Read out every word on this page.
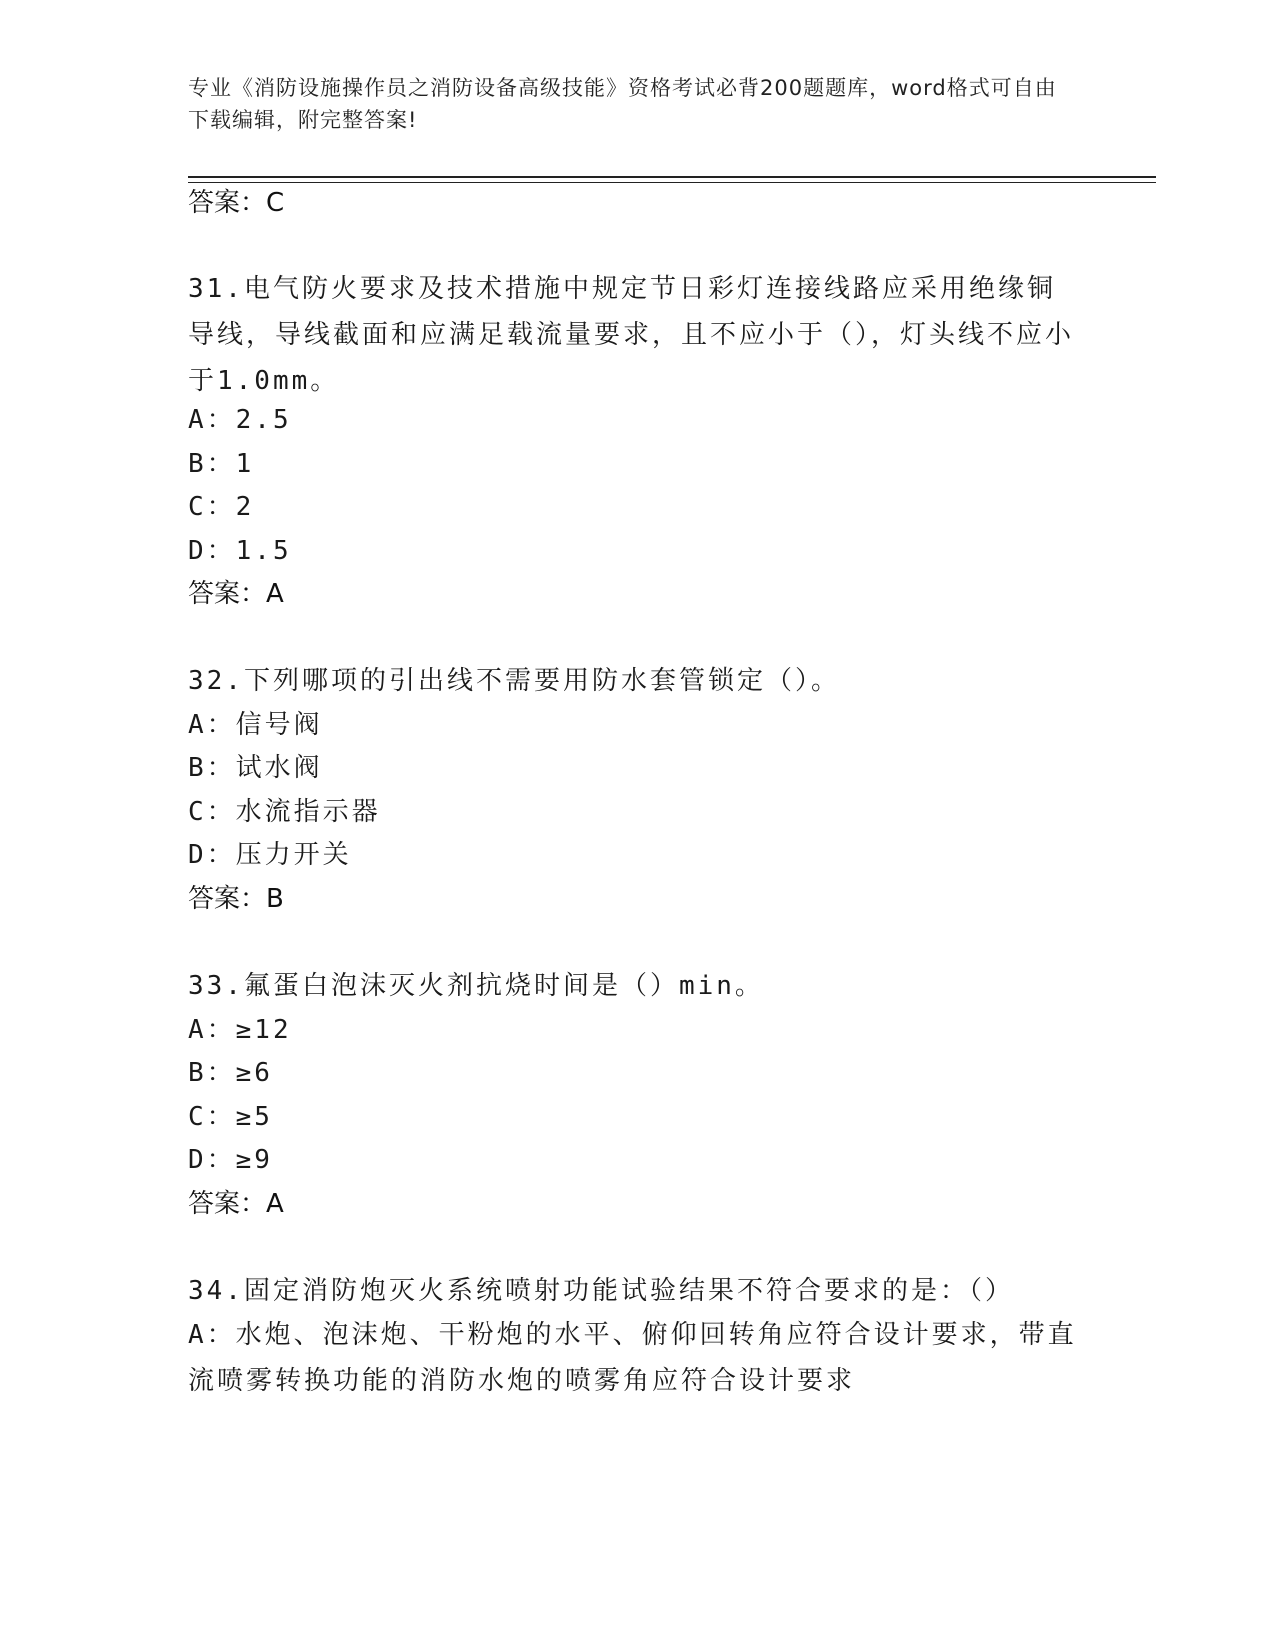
专业《消防设施操作员之消防设备高级技能》资格考试必背200题题库，word格式可自由下载编辑，附完整答案!
答案：C
31.电气防火要求及技术措施中规定节日彩灯连接线路应采用绝缘铜导线，导线截面和应满足载流量要求，且不应小于（），灯头线不应小于1.0mm。
A：2.5
B：1
C：2
D：1.5
答案：A
32.下列哪项的引出线不需要用防水套管锁定（）。
A：信号阀
B：试水阀
C：水流指示器
D：压力开关
答案：B
33.氟蛋白泡沫灭火剂抗烧时间是（）min。
A：≥12
B：≥6
C：≥5
D：≥9
答案：A
34.固定消防炮灭火系统喷射功能试验结果不符合要求的是：（）
A：水炮、泡沫炮、干粉炮的水平、俯仰回转角应符合设计要求，带直流喷雾转换功能的消防水炮的喷雾角应符合设计要求
